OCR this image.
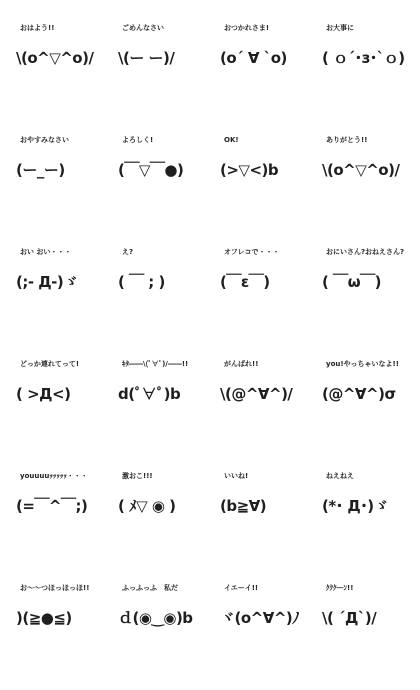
おはよう!!
\(o^▽^o)/
ごめんなさい
\(ー ー)/
おつかれさま!
(o´ ∀ `o)
お大事に
( ｏ´･з･`ｏ)
おやすみなさい
(ー_ー)
よろしく!
(￣▽￣●)
OK!
(>▽<)b
ありがとう!!
\(o^▽^o)/
おい おい・・・
(;- Д-)ゞ
え?
( ￣ ; )
オフレコで・・・
(￣ε￣)
おにいさん?おねえさん?
( ￣ω￣)
どっか連れてって!
( >Д<)
ｷﾀ――\(ﾟ∀ﾟ)/――!!
d(ﾟ∀ﾟ)b
がんばれ!!
\(@^∀^)/
you!やっちゃいなよ!!
(@^∀^)σ
youuuuｯｯｯｯｯ・・・
(=￣^￣;)
激おこ!!!
( ﾒ▽ ◉ )
いいね!
(b≧∀)
ねえねえ
(*･ Д･)ゞ
お～～つほっほっほ!!
)(≧●≦)
ふっふっふ　私だ
ｄ(◉‿◉)b
イエーイ!!
ヾ(o^∀^)ﾉ
ｸｸｸｰｰﾝ!!
\( ´Д`)/
